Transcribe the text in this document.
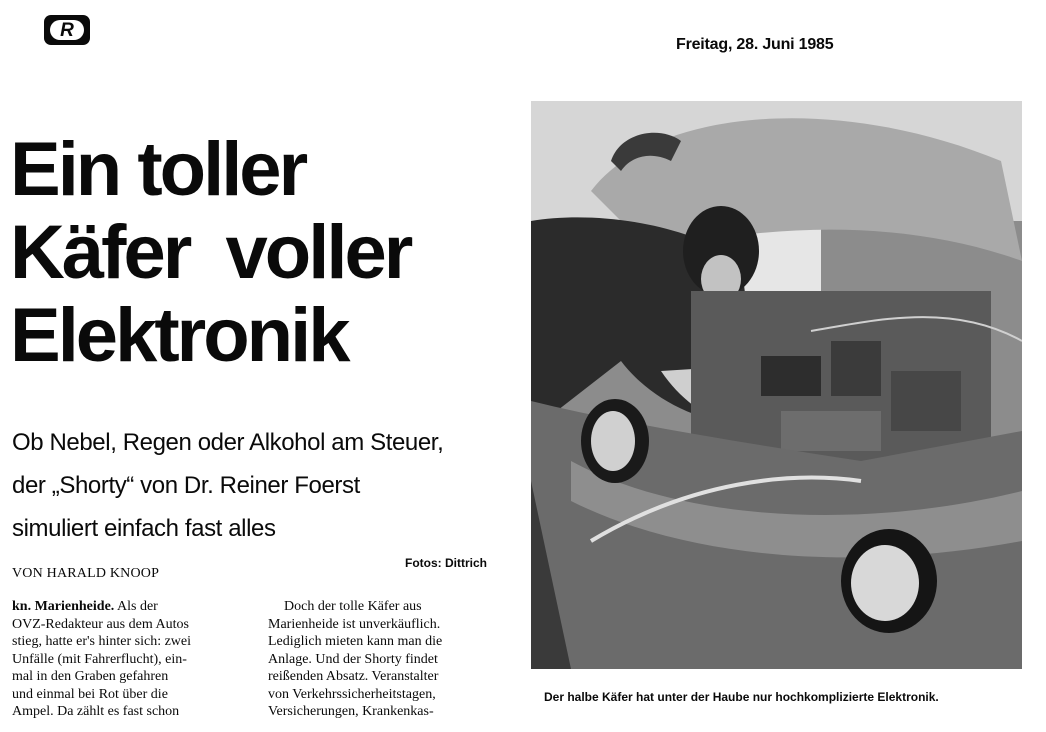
R
Freitag, 28. Juni 1985
Ein toller
Käfer  voller
Elektronik
Ob Nebel, Regen oder Alkohol am Steuer,
der „Shorty“ von Dr. Reiner Foerst
simuliert einfach fast alles
VON HARALD KNOOP
Fotos: Dittrich
kn. Marienheide. Als der
OVZ-Redakteur aus dem Autos
stieg, hatte er's hinter sich: zwei
Unfälle (mit Fahrerflucht), ein-
mal in den Graben gefahren
und einmal bei Rot über die
Ampel. Da zählt es fast schon
Doch der tolle Käfer aus
Marienheide ist unverkäuflich.
Lediglich mieten kann man die
Anlage. Und der Shorty findet
reißenden Absatz. Veranstalter
von Verkehrssicherheitstagen,
Versicherungen, Krankenkas-
Der halbe Käfer hat unter der Haube nur hochkomplizierte Elektronik.
